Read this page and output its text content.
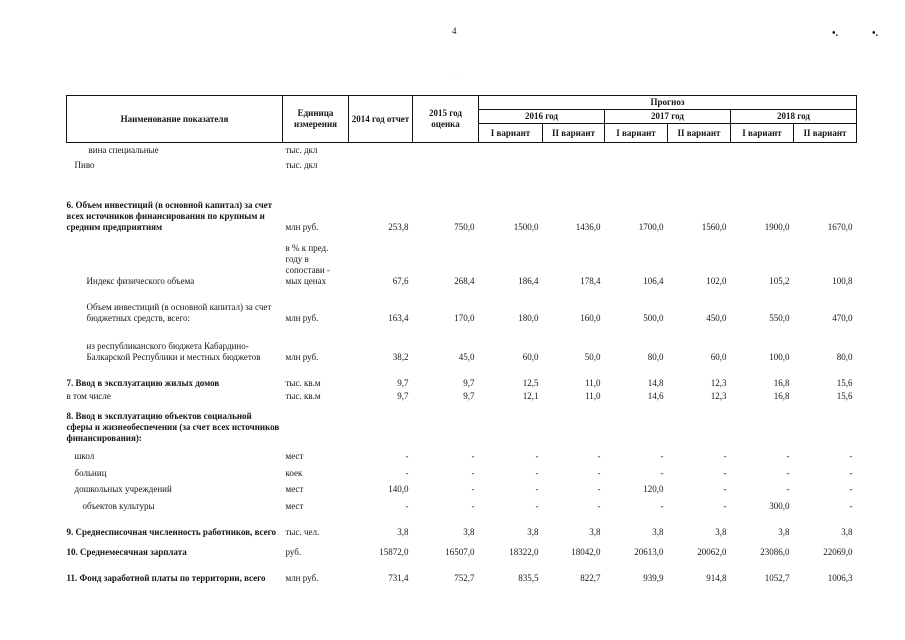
4	•.	•.
·
Наименование показателя	Единица измерения	2014 год отчет	2015 год оценка	Прогноз					
				2016 год		2017 год		2018 год	
				I вариант	II вариант	I вариант	II вариант	I вариант	II вариант
вина специальные	тыс. дкл								
Пиво	тыс. дкл								

6. Объем инвестиций (в основной капитал) за счет всех источников финансирования по крупным и средним предприятиям	млн руб.	253,8	750,0	1500,0	1436,0	1700,0	1560,0	1900,0	1670,0
Индекс физического объема	в % к пред. году в сопостави - мых ценах	67,6	268,4	186,4	178,4	106,4	102,0	105,2	100,8
Объем инвестиций (в основной капитал) за счет бюджетных средств, всего:	млн руб.	163,4	170,0	180,0	160,0	500,0	450,0	550,0	470,0
из республиканского бюджета Кабардино-Балкарской Республики и местных бюджетов	млн руб.	38,2	45,0	60,0	50,0	80,0	60,0	100,0	80,0

7. Ввод в эксплуатацию жилых домов	тыс. кв.м	9,7	9,7	12,5	11,0	14,8	12,3	16,8	15,6
в том числе	тыс. кв.м	9,7	9,7	12,1	11,0	14,6	12,3	16,8	15,6
8. Ввод в эксплуатацию объектов социальной сферы и жизнеобеспечения (за счет всех источников финансирования):									
школ	мест	-	-	-	-	-	-	-	-
больниц	коек	-	-	-	-	-	-	-	-
дошкольных учреждений	мест	140,0	-	-	-	120,0	-	-	-
объектов культуры	мест	-	-	-	-	-	-	300,0	-
9. Среднесписочная численность работников, всего	тыс. чел.	3,8	3,8	3,8	3,8	3,8	3,8	3,8	3,8
10. Среднемесячная зарплата	руб.	15872,0	16507,0	18322,0	18042,0	20613,0	20062,0	23086,0	22069,0
11. Фонд заработной платы по территории, всего	млн руб.	731,4	752,7	835,5	822,7	939,9	914,8	1052,7	1006,3
